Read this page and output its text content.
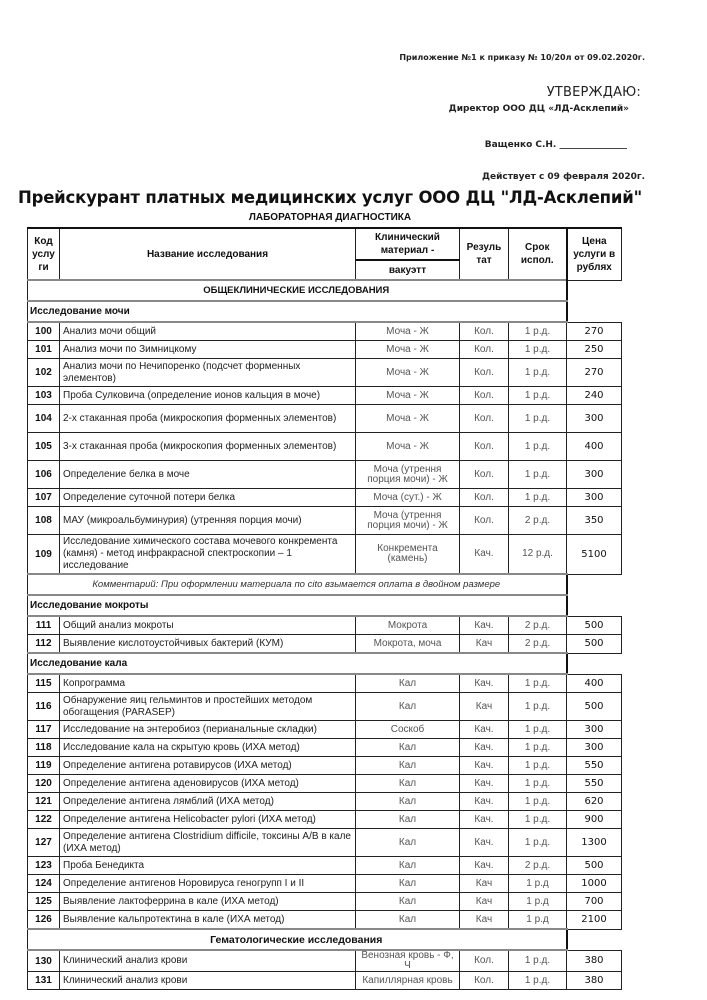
Приложение №1 к приказу № 10/20л от 09.02.2020г.
УТВЕРЖДАЮ:
Директор ООО ДЦ «ЛД-Асклепий»
Ващенко С.Н. _______________
Действует с 09 февраля 2020г.
Прейскурант платных медицинских услуг ООО ДЦ "ЛД-Асклепий"
ЛАБОРАТОРНАЯ ДИАГНОСТИКА
Код услу ги	Название исследования	Клинический материал -	Резуль тат	Срок испол.	Цена услуги в рублях
		вакуэтт			
ОБЩЕКЛИНИЧЕСКИЕ ИССЛЕДОВАНИЯ					
Исследование мочи					
100	Анализ мочи общий	Моча - Ж	Кол.	1 р.д.	270
101	Анализ мочи по Зимницкому	Моча - Ж	Кол.	1 р.д.	250
102	Анализ мочи по Нечипоренко (подсчет форменных элементов)	Моча - Ж	Кол.	1 р.д.	270
103	Проба Сулковича (определение ионов кальция в моче)	Моча - Ж	Кол.	1 р.д.	240
104	2-х стаканная проба (микроскопия форменных элементов)	Моча - Ж	Кол.	1 р.д.	300
105	3-х стаканная проба (микроскопия форменных элементов)	Моча - Ж	Кол.	1 р.д.	400
106	Определение белка в моче	Моча (утрення порция мочи) - Ж	Кол.	1 р.д.	300
107	Определение суточной потери белка	Моча (сут.) - Ж	Кол.	1 р.д.	300
108	МАУ (микроальбуминурия) (утренняя порция мочи)	Моча (утрення порция мочи) - Ж	Кол.	2 р.д.	350
109	Исследование химического состава мочевого конкремента (камня) - метод инфракрасной спектроскопии – 1 исследование	Конкремента (камень)	Кач.	12 р.д.	5100
Комментарий: При оформлении материала по cito взымается оплата в двойном размере					
Исследование мокроты					
111	Общий анализ мокроты	Мокрота	Кач.	2 р.д.	500
112	Выявление кислотоустойчивых бактерий (КУМ)	Мокрота, моча	Кач	2 р.д.	500
Исследование кала					
115	Копрограмма	Кал	Кач.	1 р.д.	400
116	Обнаружение яиц гельминтов и простейших методом обогащения (PARASEP)	Кал	Кач	1 р.д.	500
117	Исследование на энтеробиоз (перианальные складки)	Соскоб	Кач.	1 р.д.	300
118	Исследование кала на скрытую кровь (ИХА метод)	Кал	Кач.	1 р.д.	300
119	Определение антигена ротавирусов (ИХА метод)	Кал	Кач.	1 р.д.	550
120	Определение антигена аденовирусов (ИХА метод)	Кал	Кач.	1 р.д.	550
121	Определение антигена лямблий (ИХА метод)	Кал	Кач.	1 р.д.	620
122	Определение антигена Helicobacter pylori (ИХА метод)	Кал	Кач.	1 р.д.	900
127	Определение антигена Clostridium difficile, токсины A/B в кале (ИХА метод)	Кал	Кач.	1 р.д.	1300
123	Проба Бенедикта	Кал	Кач.	2 р.д.	500
124	Определение антигенов Норовируса геногрупп I и II	Кал	Кач	1 р.д	1000
125	Выявление лактоферрина в кале (ИХА метод)	Кал	Кач	1 р.д	700
126	Выявление кальпротектина в кале (ИХА метод)	Кал	Кач	1 р.д	2100
Гематологические исследования					
130	Клинический анализ крови	Венозная кровь - Ф, Ч	Кол.	1 р.д.	380
131	Клинический анализ крови	Капиллярная кровь	Кол.	1 р.д.	380
